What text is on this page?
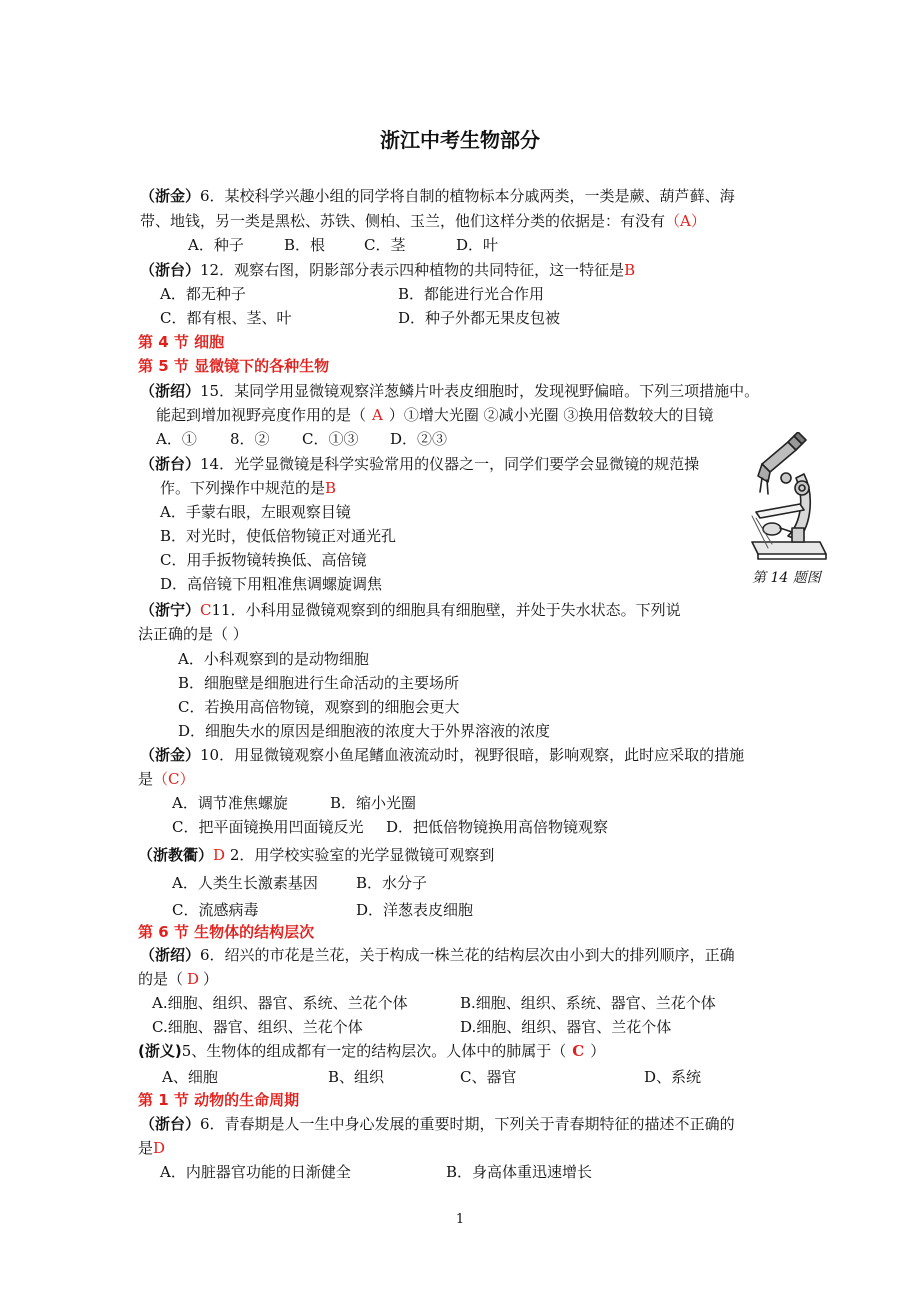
浙江中考生物部分
（浙金）6．某校科学兴趣小组的同学将自制的植物标本分戚两类，一类是蕨、葫芦藓、海
带、地钱，另一类是黑松、苏铁、侧柏、玉兰，他们这样分类的依据是：有没有（A）
A．种子	B．根	C．茎	D．叶
（浙台）12．观察右图，阴影部分表示四种植物的共同特征，这一特征是B
A．都无种子	B．都能进行光合作用
C．都有根、茎、叶	D．种子外都无果皮包被
第 4 节 细胞
第 5 节 显微镜下的各种生物
（浙绍）15．某同学用显微镜观察洋葱鳞片叶表皮细胞时，发现视野偏暗。下列三项措施中。
能起到增加视野亮度作用的是（ A ）①增大光圈 ②减小光圈 ③换用倍数较大的目镜
A．① 8．② C．①③ D．②③
（浙台）14．光学显微镜是科学实验常用的仪器之一，同学们要学会显微镜的规范操
作。下列操作中规范的是B
A．手蒙右眼，左眼观察目镜
B．对光时，使低倍物镜正对通光孔
C．用手扳物镜转换低、高倍镜
D．高倍镜下用粗准焦调螺旋调焦	第 14 题图
（浙宁）C11．小科用显微镜观察到的细胞具有细胞壁，并处于失水状态。下列说
法正确的是（ ）
A．小科观察到的是动物细胞
B．细胞壁是细胞进行生命活动的主要场所
C．若换用高倍物镜，观察到的细胞会更大
D．细胞失水的原因是细胞液的浓度大于外界溶液的浓度
（浙金）10．用显微镜观察小鱼尾鳍血液流动时，视野很暗，影响观察，此时应采取的措施
是（C）
A．调节准焦螺旋	B．缩小光圈
C．把平面镜换用凹面镜反光 D．把低倍物镜换用高倍物镜观察
（浙教衢）D 2．用学校实验室的光学显微镜可观察到
A．人类生长激素基因	B．水分子
C．流感病毒	D．洋葱表皮细胞
第 6 节 生物体的结构层次
（浙绍）6．绍兴的市花是兰花，关于构成一株兰花的结构层次由小到大的排列顺序，正确
的是（ D ）
A.细胞、组织、器官、系统、兰花个体	B.细胞、组织、系统、器官、兰花个体
C.细胞、器官、组织、兰花个体	D.细胞、组织、器官、兰花个体
(浙义)5、生物体的组成都有一定的结构层次。人体中的肺属于（ C ）
A、细胞	B、组织	C、器官	D、系统
第 1 节 动物的生命周期
（浙台）6．青春期是人一生中身心发展的重要时期，下列关于青春期特征的描述不正确的
是D
A．内脏器官功能的日渐健全	B．身高体重迅速增长
1
